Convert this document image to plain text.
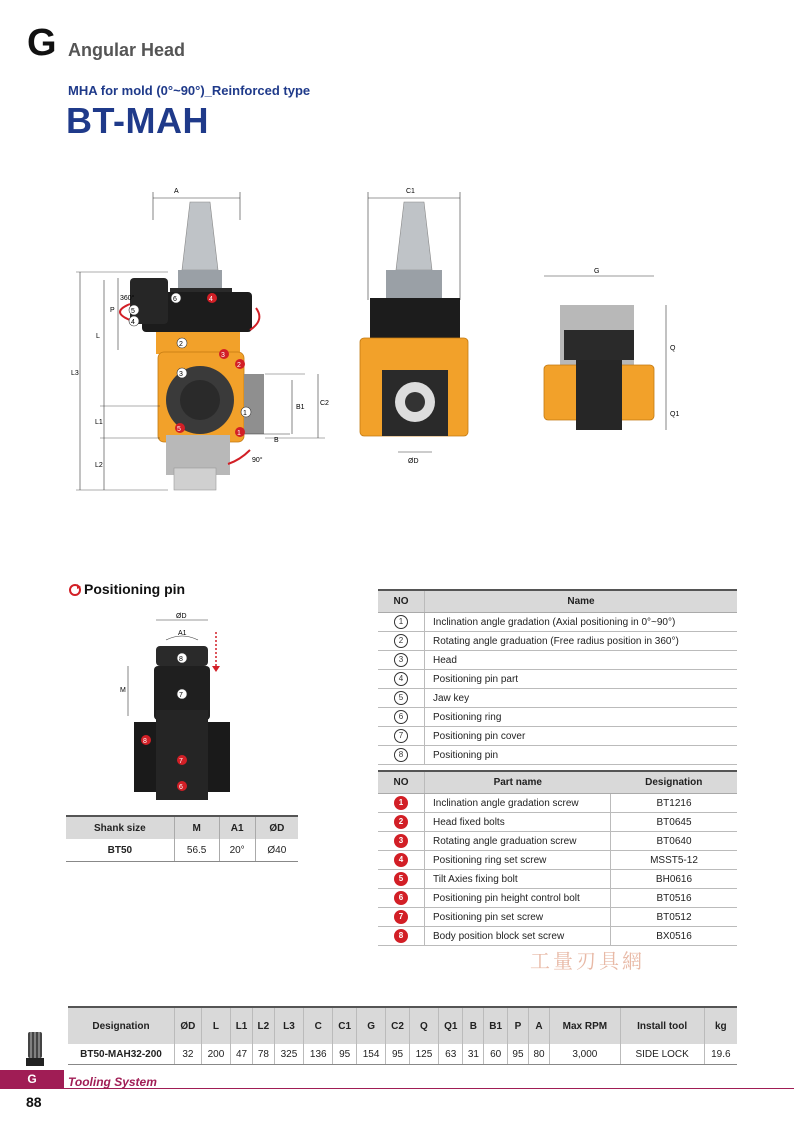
G Angular Head
MHA for mold (0°~90°)_Reinforced type
BT-MAH
A
L3
L
L1
L2
P
360°
B1
C2
B
90°
6	4
5
4
2
3
2
3
1
5
1
C1
ØD
G
Q
Q1
Positioning pin
ØD
A1
M
8
7
8
7
6
Shank size	M	A1	ØD
BT50	56.5	20°	Ø40
NO	Name
1	Inclination angle gradation (Axial positioning in 0°~90°)
2	Rotating angle graduation (Free radius position in 360°)
3	Head
4	Positioning pin part
5	Jaw key
6	Positioning ring
7	Positioning pin cover
8	Positioning pin
NO	Part name	Designation
1	Inclination angle gradation screw	BT1216
2	Head fixed bolts	BT0645
3	Rotating angle graduation screw	BT0640
4	Positioning ring set screw	MSST5-12
5	Tilt Axies fixing bolt	BH0616
6	Positioning pin height control bolt	BT0516
7	Positioning pin set screw	BT0512
8	Body position block set screw	BX0516
工量刃具網
Designation	ØD	L	L1	L2	L3	C	C1	G	C2	Q	Q1	B	B1	P	A	Max RPM	Install tool	kg
BT50-MAH32-200	32	200	47	78	325	136	95	154	95	125	63	31	60	95	80	3,000	SIDE LOCK	19.6
G	Tooling System
88
